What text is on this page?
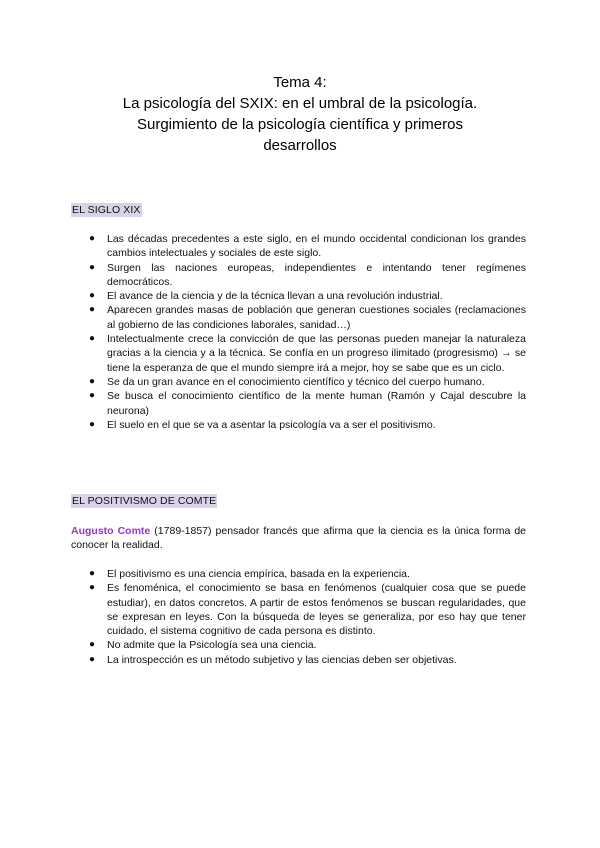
Tema 4:
La psicología del SXIX: en el umbral de la psicología.
Surgimiento de la psicología científica y primeros
desarrollos
EL SIGLO XIX
●	Las décadas precedentes a este siglo, en el mundo occidental condicionan los grandes cambios intelectuales y sociales de este siglo.
●	Surgen las naciones europeas, independientes e intentando tener regímenes democráticos.
●	El avance de la ciencia y de la técnica llevan a una revolución industrial.
●	Aparecen grandes masas de población que generan cuestiones sociales (reclamaciones al gobierno de las condiciones laborales, sanidad…)
●	Intelectualmente crece la convicción de que las personas pueden manejar la naturaleza gracias a la ciencia y a la técnica. Se confía en un progreso ilimitado (progresismo) → se tiene la esperanza de que el mundo siempre irá a mejor, hoy se sabe que es un ciclo.
●	Se da un gran avance en el conocimiento científico y técnico del cuerpo humano.
●	Se busca el conocimiento científico de la mente human (Ramón y Cajal descubre la neurona)
●	El suelo en el que se va a asentar la psicología va a ser el positivismo.
EL POSITIVISMO DE COMTE
Augusto Comte (1789-1857) pensador francés que afirma que la ciencia es la única forma de conocer la realidad.
●	El positivismo es una ciencia empírica, basada en la experiencia.
●	Es fenoménica, el conocimiento se basa en fenómenos (cualquier cosa que se puede estudiar), en datos concretos. A partir de estos fenómenos se buscan regularidades, que se expresan en leyes. Con la búsqueda de leyes se generaliza, por eso hay que tener cuidado, el sistema cognitivo de cada persona es distinto.
●	No admite que la Psicología sea una ciencia.
●	La introspección es un método subjetivo y las ciencias deben ser objetivas.
